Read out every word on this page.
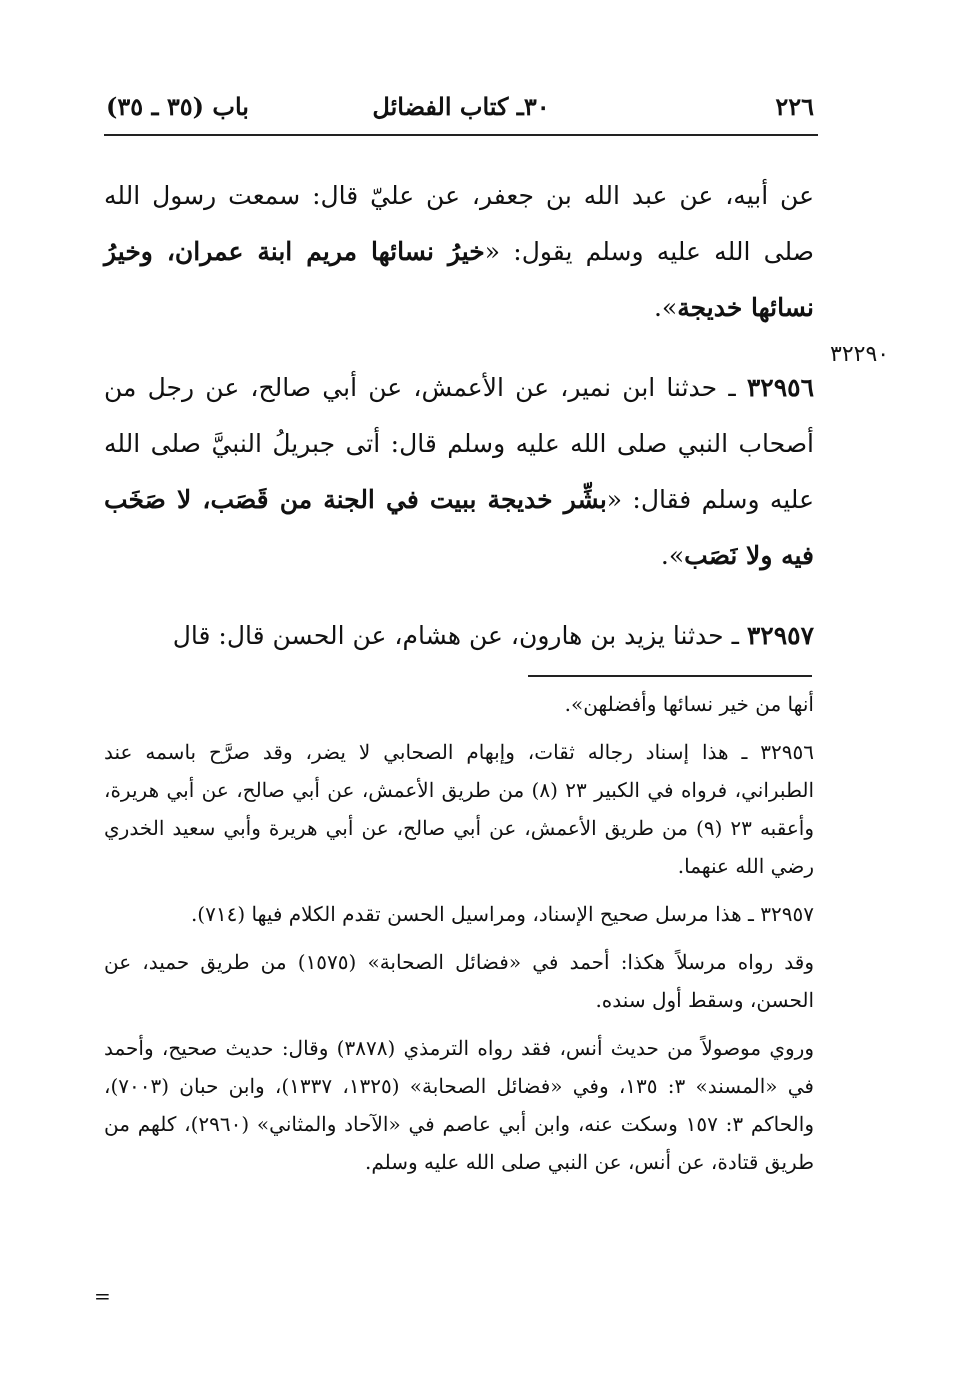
٢٢٦
٣٠ـ كتاب الفضائل
باب (٣٥ ـ ٣٥)
٣٢٢٩٠

عن أبيه، عن عبد الله بن جعفر، عن عليّ قال: سمعت رسول الله صلى الله عليه وسلم يقول: «خيرُ نسائها مريم ابنة عمران، وخيرُ نسائها خديجة».

٣٢٩٥٦ ـ حدثنا ابن نمير، عن الأعمش، عن أبي صالح، عن رجل من أصحاب النبي صلى الله عليه وسلم قال: أتى جبريلُ النبيَّ صلى الله عليه وسلم فقال: «بشِّر خديجة ببيت في الجنة من قَصَب، لا صَخَب فيه ولا نَصَب».

٣٢٩٥٧ ـ حدثنا يزيد بن هارون، عن هشام، عن الحسن قال: قال

أنها من خير نسائها وأفضلهن».

٣٢٩٥٦ ـ هذا إسناد رجاله ثقات، وإبهام الصحابي لا يضر، وقد صرَّح باسمه عند الطبراني، فرواه في الكبير ٢٣ (٨) من طريق الأعمش، عن أبي صالح، عن أبي هريرة، وأعقبه ٢٣ (٩) من طريق الأعمش، عن أبي صالح، عن أبي هريرة وأبي سعيد الخدري رضي الله عنهما.

٣٢٩٥٧ ـ هذا مرسل صحيح الإسناد، ومراسيل الحسن تقدم الكلام فيها (٧١٤).

وقد رواه مرسلاً هكذا: أحمد في «فضائل الصحابة» (١٥٧٥) من طريق حميد، عن الحسن، وسقط أول سنده.

وروي موصولاً من حديث أنس، فقد رواه الترمذي (٣٨٧٨) وقال: حديث صحيح، وأحمد في «المسند» ٣: ١٣٥، وفي «فضائل الصحابة» (١٣٢٥، ١٣٣٧)، وابن حبان (٧٠٠٣)، والحاكم ٣: ١٥٧ وسكت عنه، وابن أبي عاصم في «الآحاد والمثاني» (٢٩٦٠)، كلهم من طريق قتادة، عن أنس، عن النبي صلى الله عليه وسلم.

=
